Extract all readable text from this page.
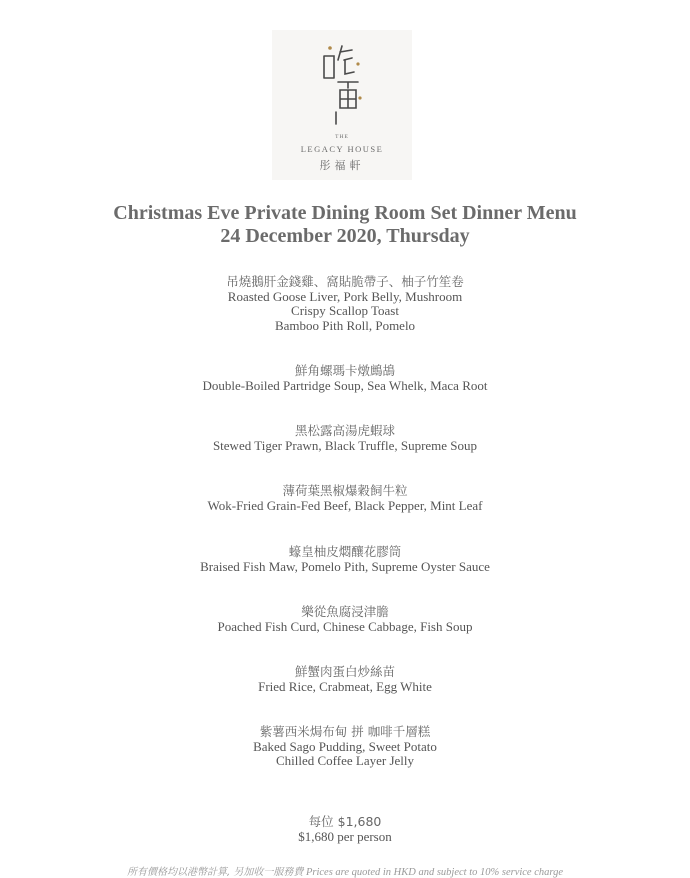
THE
LEGACY HOUSE
彤福軒
Christmas Eve Private Dining Room Set Dinner Menu
24 December 2020, Thursday
吊燒鵝肝金錢雞、窩貼脆帶子、柚子竹笙卷
Roasted Goose Liver, Pork Belly, Mushroom
Crispy Scallop Toast
Bamboo Pith Roll, Pomelo
鮮角螺瑪卡燉鷓鴣
Double-Boiled Partridge Soup, Sea Whelk, Maca Root
黑松露高湯虎蝦球
Stewed Tiger Prawn, Black Truffle, Supreme Soup
薄荷葉黑椒爆穀飼牛粒
Wok-Fried Grain-Fed Beef, Black Pepper, Mint Leaf
蠔皇柚皮燜釀花膠筒
Braised Fish Maw, Pomelo Pith, Supreme Oyster Sauce
樂從魚腐浸津膽
Poached Fish Curd, Chinese Cabbage, Fish Soup
鮮蟹肉蛋白炒絲苗
Fried Rice, Crabmeat, Egg White
紫薯西米焗布甸 拼 咖啡千層糕
Baked Sago Pudding, Sweet Potato
Chilled Coffee Layer Jelly
每位 $1,680
$1,680 per person
所有價格均以港幣計算, 另加收一服務費 Prices are quoted in HKD and subject to 10% service charge
